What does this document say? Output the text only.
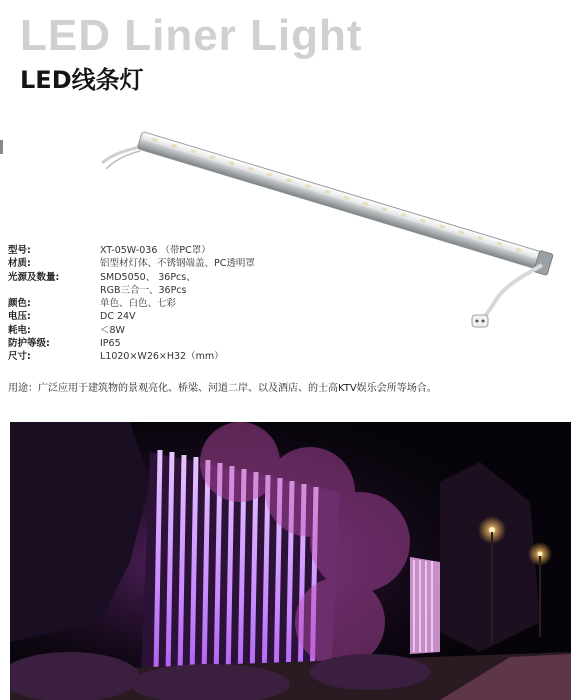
LED Liner Light
LED线条灯
型号:	XT-05W-036 （带PC罩）
材质:	铝型材灯体、不锈钢端盖、PC透明罩
光源及数量:	SMD5050、 36Pcs、
RGB三合一、36Pcs
颜色:	单色、白色、七彩
电压:	DC 24V
耗电:	＜8W
防护等级:	IP65
尺寸:	L1020×W26×H32（mm）
用途：广泛应用于建筑物的景观亮化、桥梁、河道二岸、以及酒店、的士高KTV娱乐会所等场合。
